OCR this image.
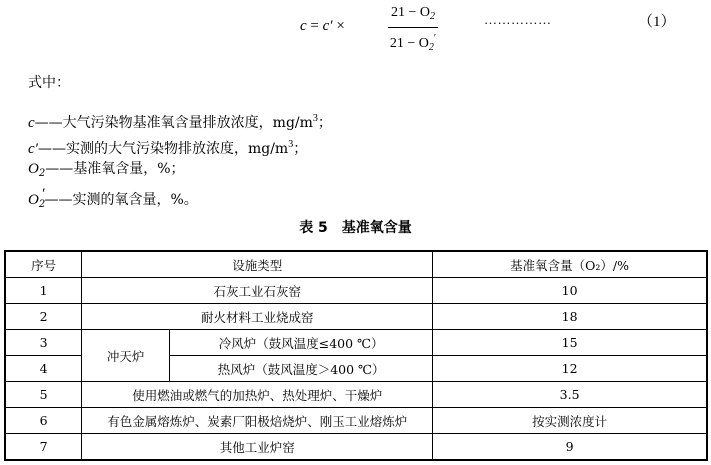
c = c′ ×
$21 - O_2$
$21 - O_2'$
……………	（1）
式中：
c——大气污染物基准氧含量排放浓度，$mg/m^3$；
c′——实测的大气污染物排放浓度，$mg/m^3$；
$O_2——$基准氧含量，%；
$O_2'——$实测的氧含量，%。
表 5　基准氧含量
序号	设施类型		基准氧含量（O₂）/%
1	石灰工业石灰窑		10
2	耐火材料工业烧成窑		18
3	冲天炉	冷风炉（鼓风温度≤400 ℃）	15
4		热风炉（鼓风温度＞400 ℃）	12
5	使用燃油或燃气的加热炉、热处理炉、干燥炉		3.5
6	有色金属熔炼炉、炭素厂阳极焙烧炉、刚玉工业熔炼炉		按实测浓度计
7	其他工业炉窑		9
